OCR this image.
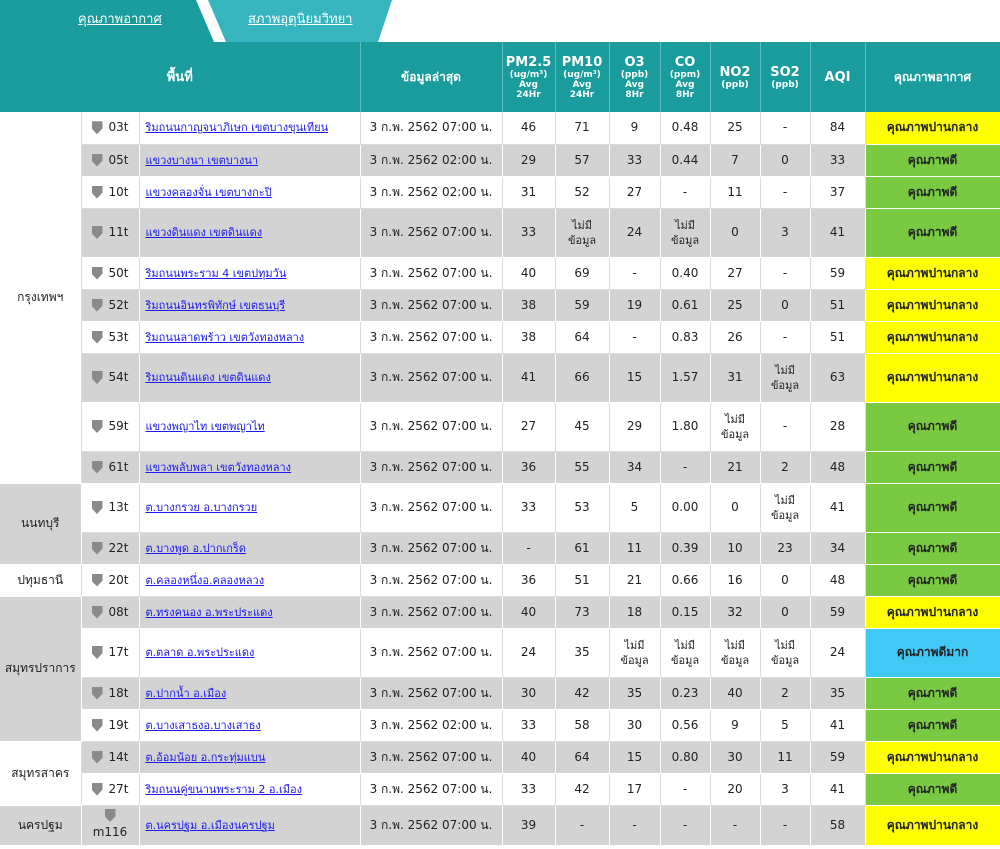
คุณภาพอากาศ	สภาพอุตุนิยมวิทยา
พื้นที่			ข้อมูลล่าสุด	PM2.5
(ug/m³)
Avg
24Hr	PM10
(ug/m³)
Avg
24Hr	O3
(ppb)
Avg
8Hr	CO
(ppm)
Avg
8Hr	NO2
(ppb)	SO2
(ppb)	AQI	คุณภาพอากาศ

กรุงเทพฯ	03t	ริมถนนกาญจนาภิเษก เขตบางขุนเทียน	3 ก.พ. 2562 07:00 น.	46	71	9	0.48	25	-	84	คุณภาพปานกลาง
	05t	แขวงบางนา เขตบางนา	3 ก.พ. 2562 02:00 น.	29	57	33	0.44	7	0	33	คุณภาพดี
	10t	แขวงคลองจั่น เขตบางกะปิ	3 ก.พ. 2562 02:00 น.	31	52	27	-	11	-	37	คุณภาพดี
	11t	แขวงดินแดง เขตดินแดง	3 ก.พ. 2562 07:00 น.	33	ไม่มี
ข้อมูล	24	ไม่มี
ข้อมูล	0	3	41	คุณภาพดี
	50t	ริมถนนพระราม 4 เขตปทุมวัน	3 ก.พ. 2562 07:00 น.	40	69	-	0.40	27	-	59	คุณภาพปานกลาง
	52t	ริมถนนอินทรพิทักษ์ เขตธนบุรี	3 ก.พ. 2562 07:00 น.	38	59	19	0.61	25	0	51	คุณภาพปานกลาง
	53t	ริมถนนลาดพร้าว เขตวังทองหลาง	3 ก.พ. 2562 07:00 น.	38	64	-	0.83	26	-	51	คุณภาพปานกลาง
	54t	ริมถนนดินแดง เขตดินแดง	3 ก.พ. 2562 07:00 น.	41	66	15	1.57	31	ไม่มี
ข้อมูล	63	คุณภาพปานกลาง
	59t	แขวงพญาไท เขตพญาไท	3 ก.พ. 2562 07:00 น.	27	45	29	1.80	ไม่มี
ข้อมูล	-	28	คุณภาพดี
	61t	แขวงพลับพลา เขตวังทองหลาง	3 ก.พ. 2562 07:00 น.	36	55	34	-	21	2	48	คุณภาพดี
นนทบุรี	13t	ต.บางกรวย อ.บางกรวย	3 ก.พ. 2562 07:00 น.	33	53	5	0.00	0	ไม่มี
ข้อมูล	41	คุณภาพดี
	22t	ต.บางพูด อ.ปากเกร็ด	3 ก.พ. 2562 07:00 น.	-	61	11	0.39	10	23	34	คุณภาพดี
ปทุมธานี	20t	ต.คลองหนึ่งอ.คลองหลวง	3 ก.พ. 2562 07:00 น.	36	51	21	0.66	16	0	48	คุณภาพดี
สมุทรปราการ	08t	ต.ทรงคนอง อ.พระประแดง	3 ก.พ. 2562 07:00 น.	40	73	18	0.15	32	0	59	คุณภาพปานกลาง
	17t	ต.ตลาด อ.พระประแดง	3 ก.พ. 2562 07:00 น.	24	35	ไม่มี
ข้อมูล	ไม่มี
ข้อมูล	ไม่มี
ข้อมูล	ไม่มี
ข้อมูล	24	คุณภาพดีมาก
	18t	ต.ปากน้ำ อ.เมือง	3 ก.พ. 2562 07:00 น.	30	42	35	0.23	40	2	35	คุณภาพดี
	19t	ต.บางเสาธงอ.บางเสาธง	3 ก.พ. 2562 02:00 น.	33	58	30	0.56	9	5	41	คุณภาพดี
สมุทรสาคร	14t	ต.อ้อมน้อย อ.กระทุ่มแบน	3 ก.พ. 2562 07:00 น.	40	64	15	0.80	30	11	59	คุณภาพปานกลาง
	27t	ริมถนนคู่ขนานพระราม 2 อ.เมือง	3 ก.พ. 2562 07:00 น.	33	42	17	-	20	3	41	คุณภาพดี
นครปฐม	m116	ต.นครปฐม อ.เมืองนครปฐม	3 ก.พ. 2562 07:00 น.	39	-	-	-	-	-	58	คุณภาพปานกลาง
